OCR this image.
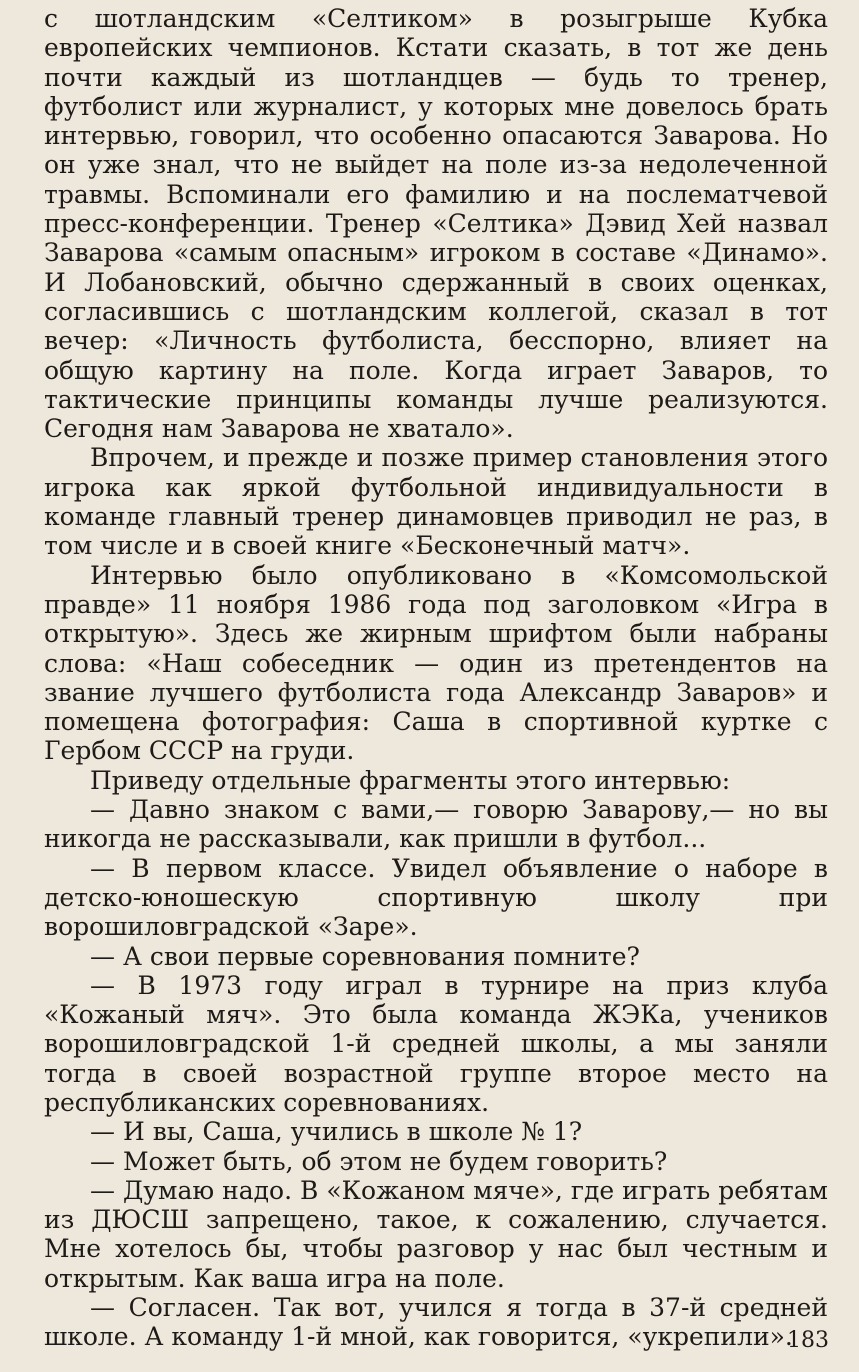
с шотландским «Селтиком» в розыгрыше Кубка европейских чемпионов. Кстати сказать, в тот же день почти каждый из шотландцев — будь то тренер, футболист или журналист, у которых мне довелось брать интервью, говорил, что особенно опасаются Заварова. Но он уже знал, что не выйдет на поле из-за недолеченной травмы. Вспоминали его фамилию и на послематчевой пресс-конференции. Тренер «Селтика» Дэвид Хей назвал Заварова «самым опасным» игроком в составе «Динамо». И Лобановский, обычно сдержанный в своих оценках, согласившись с шотландским коллегой, сказал в тот вечер: «Личность футболиста, бесспорно, влияет на общую картину на поле. Когда играет Заваров, то тактические принципы команды лучше реализуются. Сегодня нам Заварова не хватало».

Впрочем, и прежде и позже пример становления этого игрока как яркой футбольной индивидуальности в команде главный тренер динамовцев приводил не раз, в том числе и в своей книге «Бесконечный матч».

Интервью было опубликовано в «Комсомольской правде» 11 ноября 1986 года под заголовком «Игра в открытую». Здесь же жирным шрифтом были набраны слова: «Наш собеседник — один из претендентов на звание лучшего футболиста года Александр Заваров» и помещена фотография: Саша в спортивной куртке с Гербом СССР на груди.

Приведу отдельные фрагменты этого интервью:

— Давно знаком с вами,— говорю Заварову,— но вы никогда не рассказывали, как пришли в футбол...

— В первом классе. Увидел объявление о наборе в детско-юношескую спортивную школу при ворошиловградской «Заре».

— А свои первые соревнования помните?

— В 1973 году играл в турнире на приз клуба «Кожаный мяч». Это была команда ЖЭКа, учеников ворошиловградской 1-й средней школы, а мы заняли тогда в своей возрастной группе второе место на республиканских соревнованиях.

— И вы, Саша, учились в школе № 1?

— Может быть, об этом не будем говорить?

— Думаю надо. В «Кожаном мяче», где играть ребятам из ДЮСШ запрещено, такое, к сожалению, случается. Мне хотелось бы, чтобы разговор у нас был честным и открытым. Как ваша игра на поле.

— Согласен. Так вот, учился я тогда в 37-й средней школе. А команду 1-й мной, как говорится, «укрепили».

183
